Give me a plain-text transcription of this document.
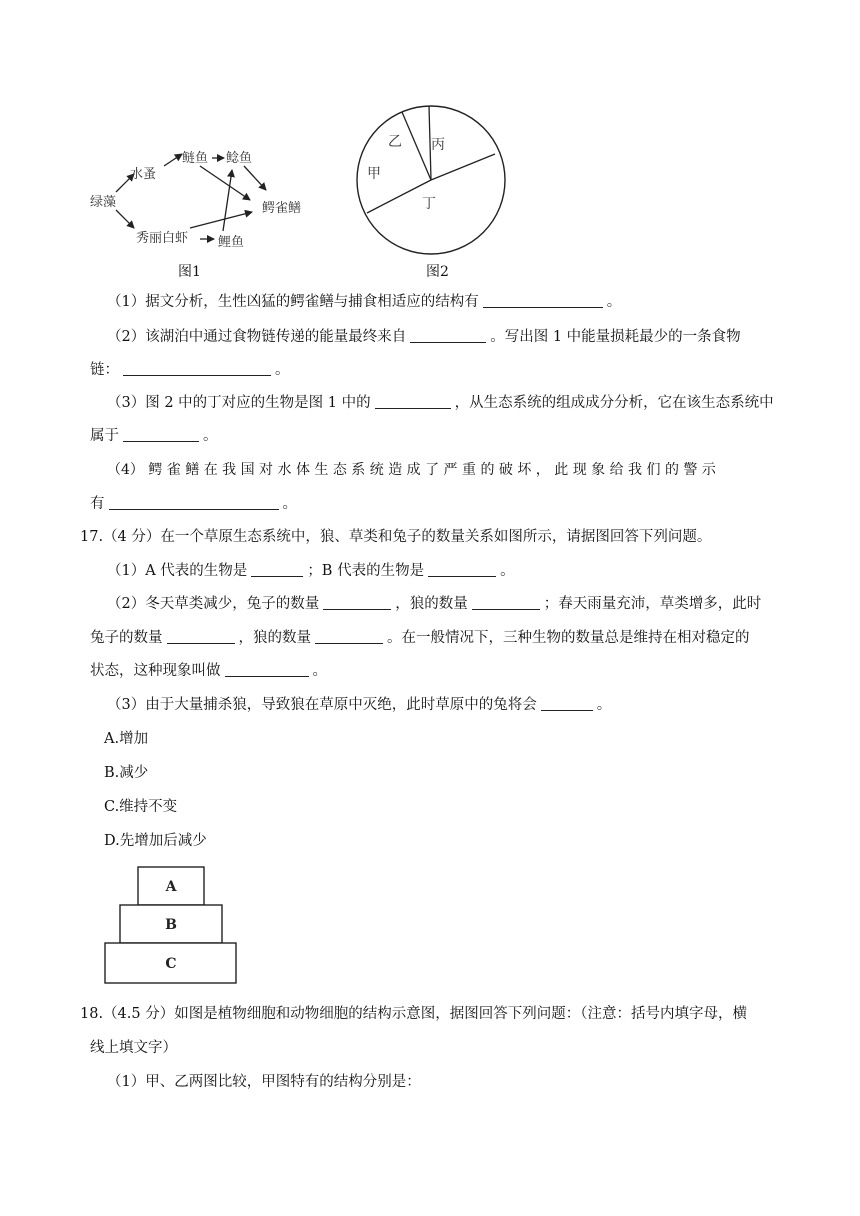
绿藻
水蚤
鲢鱼 鲶鱼
鳄雀鳝
秀丽白虾 鲤鱼
图1
乙 丙
甲
丁
图2
（1）据文分析，生性凶猛的鳄雀鳝与捕食相适应的结构有	。
（2）该湖泊中通过食物链传递的能量最终来自	。写出图 1 中能量损耗最少的一条食物
链：	。
（3）图 2 中的丁对应的生物是图 1 中的	，从生态系统的组成成分分析，它在该生态系统中
属于	。
（4） 鳄 雀 鳝 在 我 国 对 水 体 生 态 系 统 造 成 了 严 重 的 破 坏 ， 此 现 象 给 我 们 的 警 示
有	。
17.（4 分）在一个草原生态系统中，狼、草类和兔子的数量关系如图所示，请据图回答下列问题。
（1）A 代表的生物是	；B 代表的生物是	。
（2）冬天草类减少，兔子的数量	，狼的数量	；春天雨量充沛，草类增多，此时
兔子的数量	，狼的数量	。在一般情况下，三种生物的数量总是维持在相对稳定的
状态，这种现象叫做	。
（3）由于大量捕杀狼，导致狼在草原中灭绝，此时草原中的兔将会	。
A.增加
B.减少
C.维持不变
D.先增加后减少
A
B
C
18.（4.5 分）如图是植物细胞和动物细胞的结构示意图，据图回答下列问题：（注意：括号内填字母，横
线上填文字）
（1）甲、乙两图比较，甲图特有的结构分别是：
